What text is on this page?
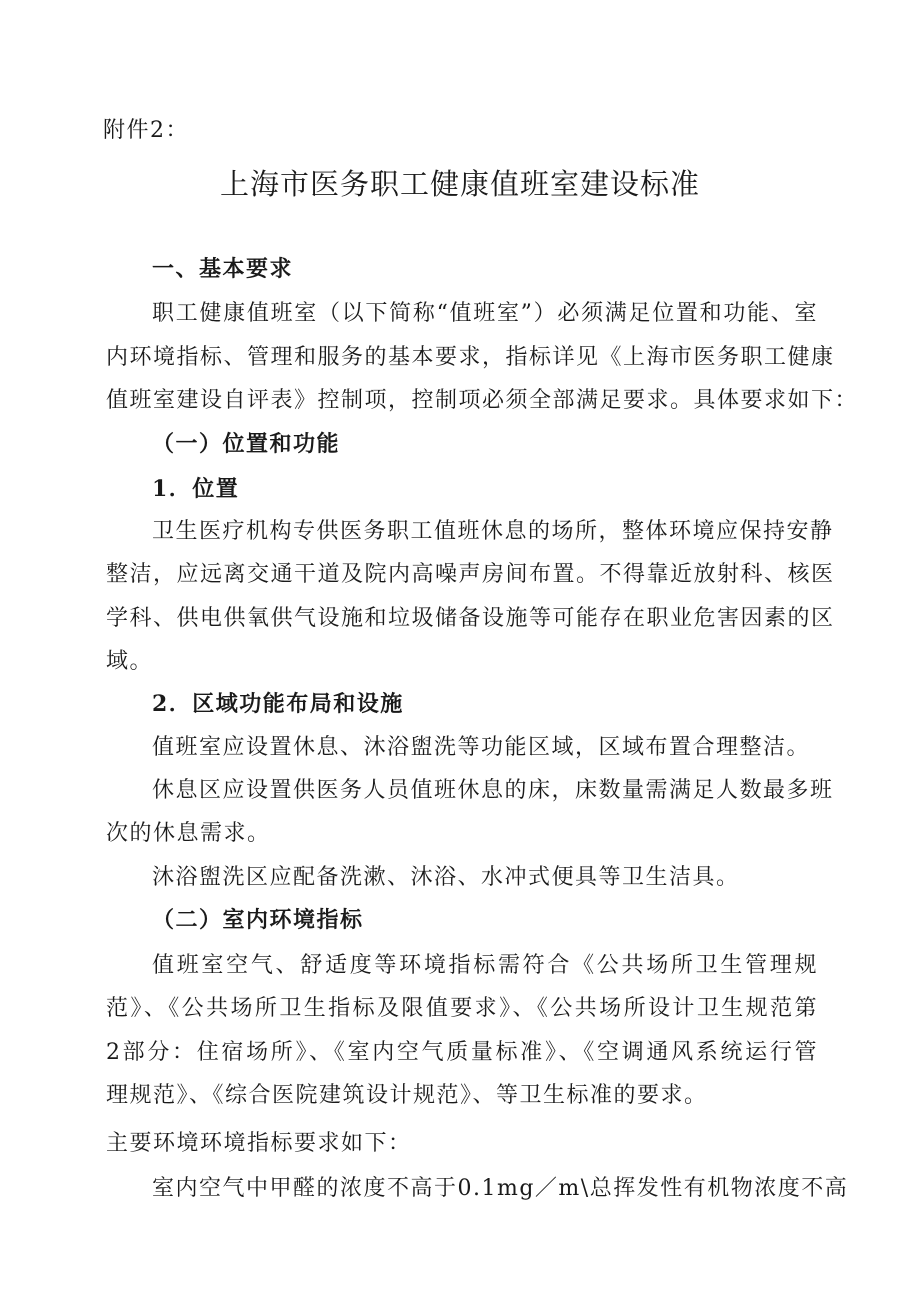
附件2：
上海市医务职工健康值班室建设标准
一、基本要求
职工健康值班室（以下简称“值班室”）必须满足位置和功能、室
内环境指标、管理和服务的基本要求，指标详见《上海市医务职工健康
值班室建设自评表》控制项，控制项必须全部满足要求。具体要求如下：
（一）位置和功能
1．位置
卫生医疗机构专供医务职工值班休息的场所，整体环境应保持安静
整洁，应远离交通干道及院内高噪声房间布置。不得靠近放射科、核医
学科、供电供氧供气设施和垃圾储备设施等可能存在职业危害因素的区
域。
2．区域功能布局和设施
值班室应设置休息、沐浴盥洗等功能区域，区域布置合理整洁。
休息区应设置供医务人员值班休息的床，床数量需满足人数最多班
次的休息需求。
沐浴盥洗区应配备洗漱、沐浴、水冲式便具等卫生洁具。
（二）室内环境指标
值班室空气、舒适度等环境指标需符合《公共场所卫生管理规
范》、《公共场所卫生指标及限值要求》、《公共场所设计卫生规范第
2部分：住宿场所》、《室内空气质量标准》、《空调通风系统运行管
理规范》、《综合医院建筑设计规范》、等卫生标准的要求。
主要环境环境指标要求如下：
室内空气中甲醛的浓度不高于0.1mg／m\总挥发性有机物浓度不高
